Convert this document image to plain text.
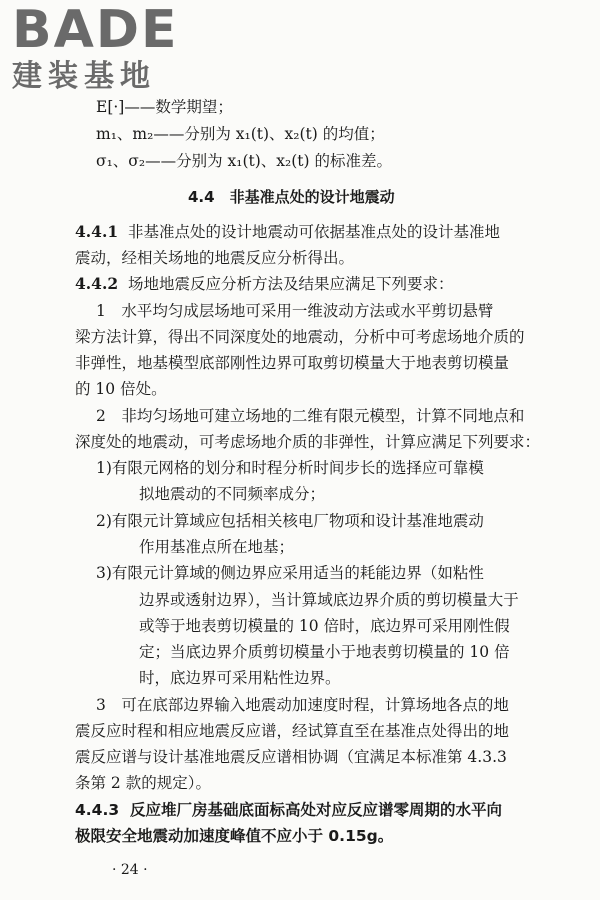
BADE
建装基地
E[·]——数学期望；
m₁、m₂——分别为 x₁(t)、x₂(t) 的均值；
σ₁、σ₂——分别为 x₁(t)、x₂(t) 的标准差。
4.4　非基准点处的设计地震动
4.4.1 非基准点处的设计地震动可依据基准点处的设计基准地
震动，经相关场地的地震反应分析得出。
4.4.2 场地地震反应分析方法及结果应满足下列要求：
1　水平均匀成层场地可采用一维波动方法或水平剪切悬臂
梁方法计算，得出不同深度处的地震动，分析中可考虑场地介质的
非弹性，地基模型底部刚性边界可取剪切模量大于地表剪切模量
的 10 倍处。
2　非均匀场地可建立场地的二维有限元模型，计算不同地点和
深度处的地震动，可考虑场地介质的非弹性，计算应满足下列要求：
1)有限元网格的划分和时程分析时间步长的选择应可靠模
拟地震动的不同频率成分；
2)有限元计算域应包括相关核电厂物项和设计基准地震动
作用基准点所在地基；
3)有限元计算域的侧边界应采用适当的耗能边界（如粘性
边界或透射边界），当计算域底边界介质的剪切模量大于
或等于地表剪切模量的 10 倍时，底边界可采用刚性假
定；当底边界介质剪切模量小于地表剪切模量的 10 倍
时，底边界可采用粘性边界。
3　可在底部边界输入地震动加速度时程，计算场地各点的地
震反应时程和相应地震反应谱，经试算直至在基准点处得出的地
震反应谱与设计基准地震反应谱相协调（宜满足本标准第 4.3.3
条第 2 款的规定）。
4.4.3 反应堆厂房基础底面标高处对应反应谱零周期的水平向
极限安全地震动加速度峰值不应小于 0.15g。
· 24 ·
